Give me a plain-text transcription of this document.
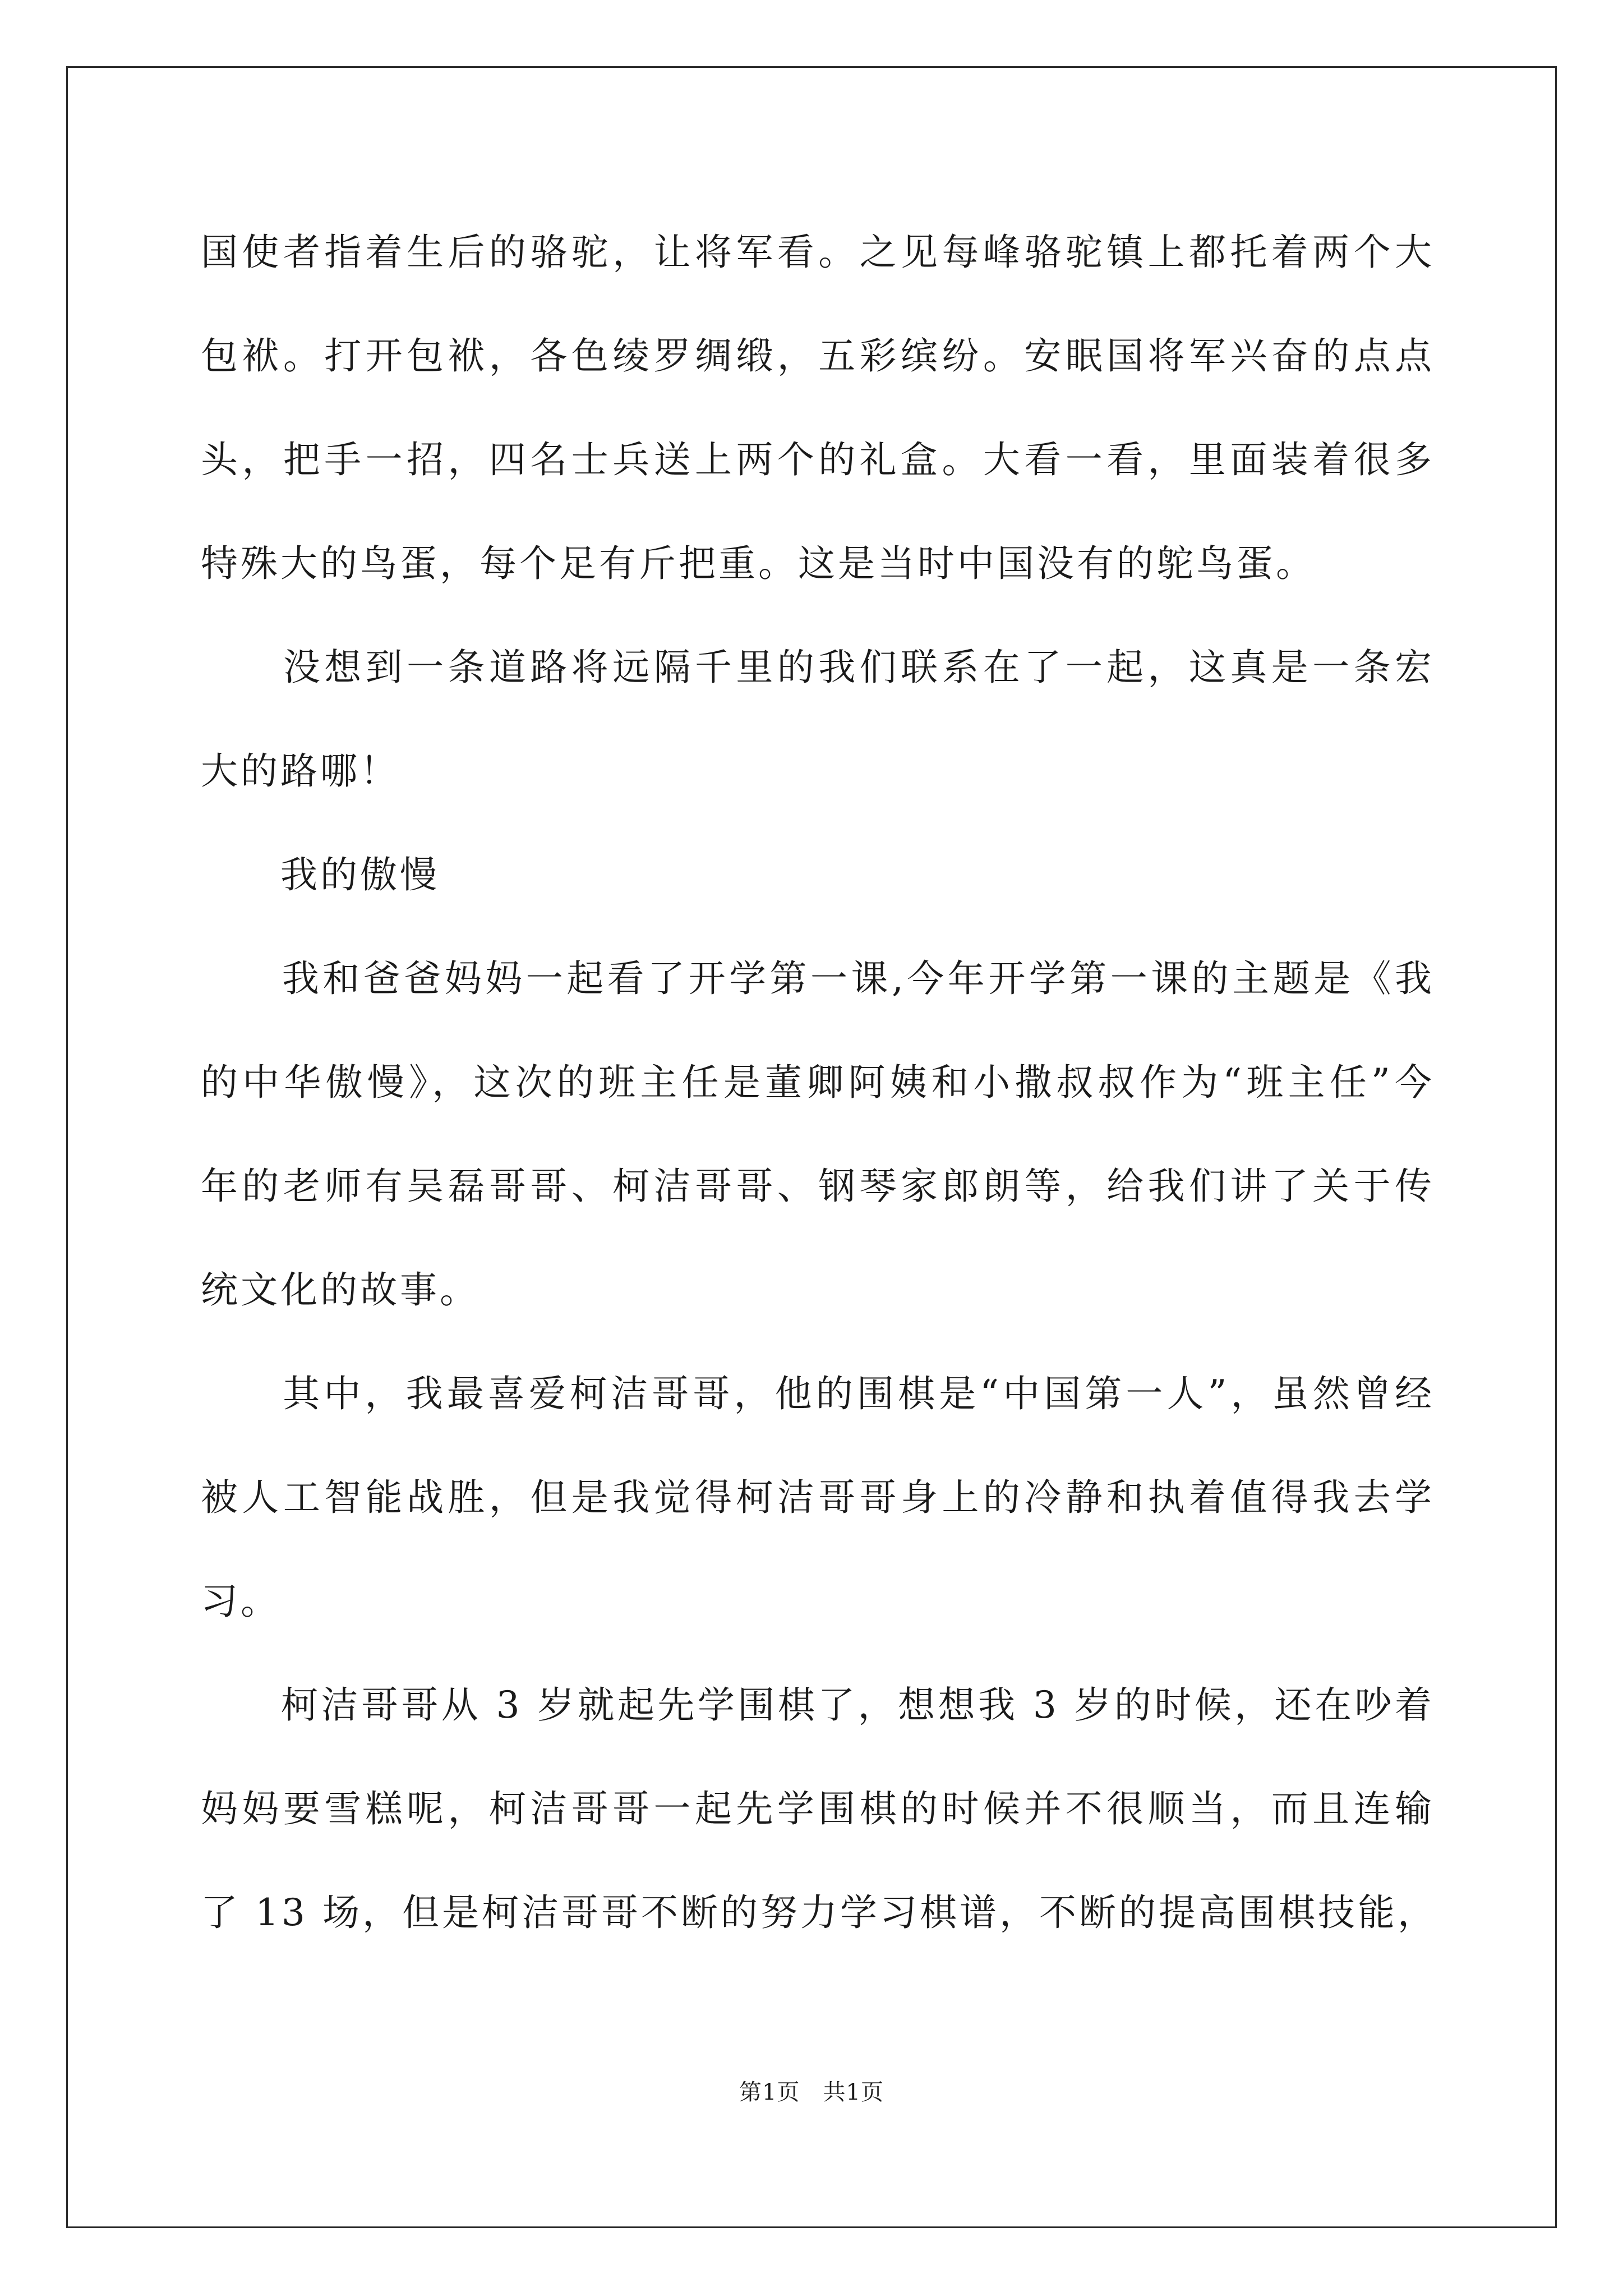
国使者指着生后的骆驼，让将军看。之见每峰骆驼镇上都托着两个大
包袱。打开包袱，各色绫罗绸缎，五彩缤纷。安眠国将军兴奋的点点
头，把手一招，四名士兵送上两个的礼盒。大看一看，里面装着很多
特殊大的鸟蛋，每个足有斤把重。这是当时中国没有的鸵鸟蛋。
　　没想到一条道路将远隔千里的我们联系在了一起，这真是一条宏
大的路哪！
　　我的傲慢
　　我和爸爸妈妈一起看了开学第一课,今年开学第一课的主题是《我
的中华傲慢》，这次的班主任是董卿阿姨和小撒叔叔作为“班主任”今
年的老师有吴磊哥哥、柯洁哥哥、钢琴家郎朗等，给我们讲了关于传
统文化的故事。
　　其中，我最喜爱柯洁哥哥，他的围棋是“中国第一人”，虽然曾经
被人工智能战胜，但是我觉得柯洁哥哥身上的冷静和执着值得我去学
习。
　　柯洁哥哥从 3 岁就起先学围棋了，想想我 3 岁的时候，还在吵着
妈妈要雪糕呢，柯洁哥哥一起先学围棋的时候并不很顺当，而且连输
了 13 场，但是柯洁哥哥不断的努力学习棋谱，不断的提高围棋技能，
第1页　共1页
